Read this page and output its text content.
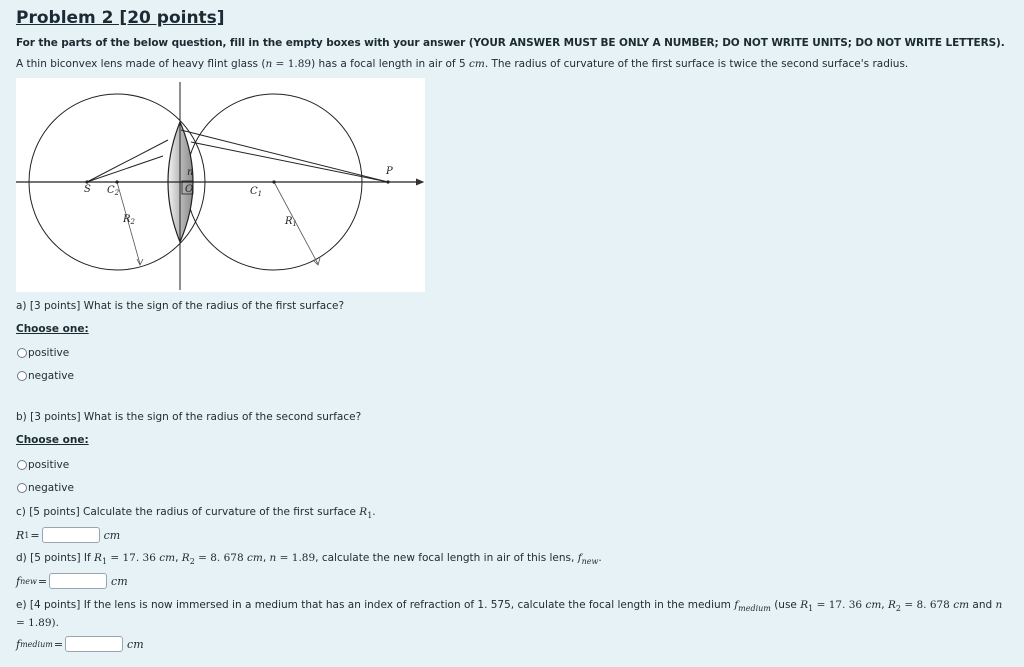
Problem 2 [20 points]
For the parts of the below question, fill in the empty boxes with your answer (YOUR ANSWER MUST BE ONLY A NUMBER; DO NOT WRITE UNITS; DO NOT WRITE LETTERS).
A thin biconvex lens made of heavy flint glass (n = 1.89) has a focal length in air of 5 cm. The radius of curvature of the first surface is twice the second surface's radius.
S $C_2$
n
O	$C_1$
P
$R_2$	$R_1$
a) [3 points] What is the sign of the radius of the first surface?
Choose one:
positive
negative
b) [3 points] What is the sign of the radius of the second surface?
Choose one:
positive
negative
c) [5 points] Calculate the radius of curvature of the first surface $R_1$.
R 1 =	cm
d) [5 points] If $R_1 = 17$. 36 cm, $R_2 = 8$. 678 cm, n = 1.89, calculate the new focal length in air of this lens, $f_{new}$.
f new =	cm
e) [4 points] If the lens is now immersed in a medium that has an index of refraction of 1. 575, calculate the focal length in the medium $f_{medium}$ (use $R_1 = 17$. 36 cm, $R_2 = 8$. 678 cm and n = 1.89).
f medium =	cm
